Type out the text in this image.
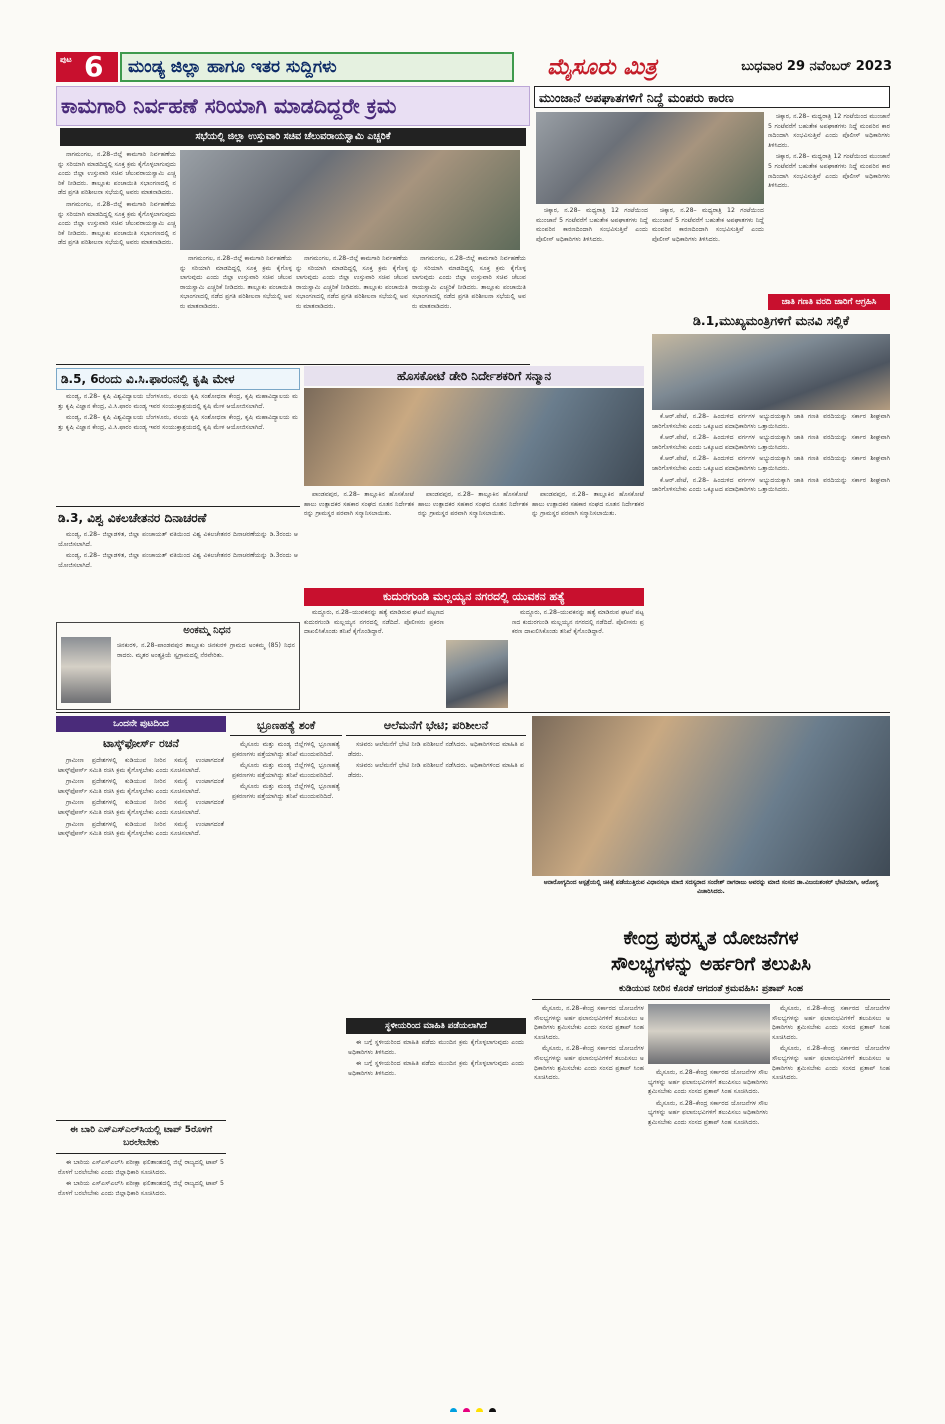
ಪುಟ 6 ಮಂಡ್ಯ ಜಿಲ್ಲಾ ಹಾಗೂ ಇತರ ಸುದ್ದಿಗಳು	ಮೈಸೂರು ಮಿತ್ರ	ಬುಧವಾರ 29 ನವೆಂಬರ್ 2023
ಕಾಮಗಾರಿ ನಿರ್ವಹಣೆ ಸರಿಯಾಗಿ ಮಾಡದಿದ್ದರೇ ಕ್ರಮ
ಸಭೆಯಲ್ಲಿ ಜಿಲ್ಲಾ ಉಸ್ತುವಾರಿ ಸಚಿವ ಚೆಲುವರಾಯಸ್ವಾಮಿ ಎಚ್ಚರಿಕೆ

ನಾಗಮಂಗಲ, ನ.28–ಜಿಲ್ಲೆ ಕಾಮಗಾರಿ ನಿರ್ವಹಣೆಯನ್ನು ಸರಿಯಾಗಿ ಮಾಡದಿದ್ದಲ್ಲಿ ಸೂಕ್ತ ಕ್ರಮ ಕೈಗೊಳ್ಳಲಾಗುವುದು ಎಂದು ಜಿಲ್ಲಾ ಉಸ್ತುವಾರಿ ಸಚಿವ ಚೆಲುವರಾಯಸ್ವಾಮಿ ಎಚ್ಚರಿಕೆ ನೀಡಿದರು. ತಾಲ್ಲೂಕು ಪಂಚಾಯಿತಿ ಸಭಾಂಗಣದಲ್ಲಿ ನಡೆದ ಪ್ರಗತಿ ಪರಿಶೀಲನಾ ಸಭೆಯಲ್ಲಿ ಅವರು ಮಾತನಾಡಿದರು.

ನಾಗಮಂಗಲ, ನ.28–ಜಿಲ್ಲೆ ಕಾಮಗಾರಿ ನಿರ್ವಹಣೆಯನ್ನು ಸರಿಯಾಗಿ ಮಾಡದಿದ್ದಲ್ಲಿ ಸೂಕ್ತ ಕ್ರಮ ಕೈಗೊಳ್ಳಲಾಗುವುದು ಎಂದು ಜಿಲ್ಲಾ ಉಸ್ತುವಾರಿ ಸಚಿವ ಚೆಲುವರಾಯಸ್ವಾಮಿ ಎಚ್ಚರಿಕೆ ನೀಡಿದರು. ತಾಲ್ಲೂಕು ಪಂಚಾಯಿತಿ ಸಭಾಂಗಣದಲ್ಲಿ ನಡೆದ ಪ್ರಗತಿ ಪರಿಶೀಲನಾ ಸಭೆಯಲ್ಲಿ ಅವರು ಮಾತನಾಡಿದರು.

ನಾಗಮಂಗಲ, ನ.28–ಜಿಲ್ಲೆ ಕಾಮಗಾರಿ ನಿರ್ವಹಣೆಯನ್ನು ಸರಿಯಾಗಿ ಮಾಡದಿದ್ದಲ್ಲಿ ಸೂಕ್ತ ಕ್ರಮ ಕೈಗೊಳ್ಳಲಾಗುವುದು ಎಂದು ಜಿಲ್ಲಾ ಉಸ್ತುವಾರಿ ಸಚಿವ ಚೆಲುವರಾಯಸ್ವಾಮಿ ಎಚ್ಚರಿಕೆ ನೀಡಿದರು. ತಾಲ್ಲೂಕು ಪಂಚಾಯಿತಿ ಸಭಾಂಗಣದಲ್ಲಿ ನಡೆದ ಪ್ರಗತಿ ಪರಿಶೀಲನಾ ಸಭೆಯಲ್ಲಿ ಅವರು ಮಾತನಾಡಿದರು.

ನಾಗಮಂಗಲ, ನ.28–ಜಿಲ್ಲೆ ಕಾಮಗಾರಿ ನಿರ್ವಹಣೆಯನ್ನು ಸರಿಯಾಗಿ ಮಾಡದಿದ್ದಲ್ಲಿ ಸೂಕ್ತ ಕ್ರಮ ಕೈಗೊಳ್ಳಲಾಗುವುದು ಎಂದು ಜಿಲ್ಲಾ ಉಸ್ತುವಾರಿ ಸಚಿವ ಚೆಲುವರಾಯಸ್ವಾಮಿ ಎಚ್ಚರಿಕೆ ನೀಡಿದರು. ತಾಲ್ಲೂಕು ಪಂಚಾಯಿತಿ ಸಭಾಂಗಣದಲ್ಲಿ ನಡೆದ ಪ್ರಗತಿ ಪರಿಶೀಲನಾ ಸಭೆಯಲ್ಲಿ ಅವರು ಮಾತನಾಡಿದರು.

ನಾಗಮಂಗಲ, ನ.28–ಜಿಲ್ಲೆ ಕಾಮಗಾರಿ ನಿರ್ವಹಣೆಯನ್ನು ಸರಿಯಾಗಿ ಮಾಡದಿದ್ದಲ್ಲಿ ಸೂಕ್ತ ಕ್ರಮ ಕೈಗೊಳ್ಳಲಾಗುವುದು ಎಂದು ಜಿಲ್ಲಾ ಉಸ್ತುವಾರಿ ಸಚಿವ ಚೆಲುವರಾಯಸ್ವಾಮಿ ಎಚ್ಚರಿಕೆ ನೀಡಿದರು. ತಾಲ್ಲೂಕು ಪಂಚಾಯಿತಿ ಸಭಾಂಗಣದಲ್ಲಿ ನಡೆದ ಪ್ರಗತಿ ಪರಿಶೀಲನಾ ಸಭೆಯಲ್ಲಿ ಅವರು ಮಾತನಾಡಿದರು.

ಡಿ.5, 6ರಂದು ವಿ.ಸಿ.ಫಾರಂನಲ್ಲಿ ಕೃಷಿ ಮೇಳ

ಮಂಡ್ಯ, ನ.28– ಕೃಷಿ ವಿಶ್ವವಿದ್ಯಾಲಯ ಬೆಂಗಳೂರು, ವಲಯ ಕೃಷಿ ಸಂಶೋಧನಾ ಕೇಂದ್ರ, ಕೃಷಿ ಮಹಾವಿದ್ಯಾಲಯ ಮತ್ತು ಕೃಷಿ ವಿಜ್ಞಾನ ಕೇಂದ್ರ, ವಿ.ಸಿ.ಫಾರಂ ಮಂಡ್ಯ ಇವರ ಸಂಯುಕ್ತಾಶ್ರಯದಲ್ಲಿ ಕೃಷಿ ಮೇಳ ಆಯೋಜಿಸಲಾಗಿದೆ.

ಮಂಡ್ಯ, ನ.28– ಕೃಷಿ ವಿಶ್ವವಿದ್ಯಾಲಯ ಬೆಂಗಳೂರು, ವಲಯ ಕೃಷಿ ಸಂಶೋಧನಾ ಕೇಂದ್ರ, ಕೃಷಿ ಮಹಾವಿದ್ಯಾಲಯ ಮತ್ತು ಕೃಷಿ ವಿಜ್ಞಾನ ಕೇಂದ್ರ, ವಿ.ಸಿ.ಫಾರಂ ಮಂಡ್ಯ ಇವರ ಸಂಯುಕ್ತಾಶ್ರಯದಲ್ಲಿ ಕೃಷಿ ಮೇಳ ಆಯೋಜಿಸಲಾಗಿದೆ.

ಡಿ.3, ವಿಶ್ವ ವಿಕಲಚೇತನರ ದಿನಾಚರಣೆ

ಮಂಡ್ಯ, ನ.28– ಜಿಲ್ಲಾಡಳಿತ, ಜಿಲ್ಲಾ ಪಂಚಾಯತ್ ವತಿಯಿಂದ ವಿಶ್ವ ವಿಕಲಚೇತನರ ದಿನಾಚರಣೆಯನ್ನು ಡಿ.3ರಂದು ಆಯೋಜಿಸಲಾಗಿದೆ.

ಮಂಡ್ಯ, ನ.28– ಜಿಲ್ಲಾಡಳಿತ, ಜಿಲ್ಲಾ ಪಂಚಾಯತ್ ವತಿಯಿಂದ ವಿಶ್ವ ವಿಕಲಚೇತನರ ದಿನಾಚರಣೆಯನ್ನು ಡಿ.3ರಂದು ಆಯೋಜಿಸಲಾಗಿದೆ.

ಅಂಕಮ್ಮ ನಿಧನ
ಚಿನಕುರಳಿ, ನ.28–ಪಾಂಡವಪುರ ತಾಲ್ಲೂಕು ಚಿನಕುರಳಿ ಗ್ರಾಮದ ಅಂಕಮ್ಮ (85) ನಿಧನರಾದರು. ಮೃತರ ಅಂತ್ಯಕ್ರಿಯೆ ಸ್ವಗ್ರಾಮದಲ್ಲಿ ನೆರವೇರಿತು.
ಹೊಸಕೋಟೆ ಡೇರಿ ನಿರ್ದೇಶಕರಿಗೆ ಸನ್ಮಾನ

ಪಾಂಡವಪುರ, ನ.28– ತಾಲ್ಲೂಕಿನ ಹೊಸಕೋಟೆ ಹಾಲು ಉತ್ಪಾದಕರ ಸಹಕಾರ ಸಂಘದ ನೂತನ ನಿರ್ದೇಶಕರನ್ನು ಗ್ರಾಮಸ್ಥರ ಪರವಾಗಿ ಸನ್ಮಾನಿಸಲಾಯಿತು.

ಪಾಂಡವಪುರ, ನ.28– ತಾಲ್ಲೂಕಿನ ಹೊಸಕೋಟೆ ಹಾಲು ಉತ್ಪಾದಕರ ಸಹಕಾರ ಸಂಘದ ನೂತನ ನಿರ್ದೇಶಕರನ್ನು ಗ್ರಾಮಸ್ಥರ ಪರವಾಗಿ ಸನ್ಮಾನಿಸಲಾಯಿತು.

ಪಾಂಡವಪುರ, ನ.28– ತಾಲ್ಲೂಕಿನ ಹೊಸಕೋಟೆ ಹಾಲು ಉತ್ಪಾದಕರ ಸಹಕಾರ ಸಂಘದ ನೂತನ ನಿರ್ದೇಶಕರನ್ನು ಗ್ರಾಮಸ್ಥರ ಪರವಾಗಿ ಸನ್ಮಾನಿಸಲಾಯಿತು.

ಕುದುರಗುಂಡಿ ಮಲ್ಲಯ್ಯನ ನಗರದಲ್ಲಿ ಯುವಕನ ಹತ್ಯೆ

ಮದ್ದೂರು, ನ.28–ಯುವಕನನ್ನು ಹತ್ಯೆ ಮಾಡಿರುವ ಘಟನೆ ಪಟ್ಟಣದ ಕುದುರಗುಂಡಿ ಮಲ್ಲಯ್ಯನ ನಗರದಲ್ಲಿ ನಡೆದಿದೆ. ಪೊಲೀಸರು ಪ್ರಕರಣ ದಾಖಲಿಸಿಕೊಂಡು ತನಿಖೆ ಕೈಗೊಂಡಿದ್ದಾರೆ.

ಮದ್ದೂರು, ನ.28–ಯುವಕನನ್ನು ಹತ್ಯೆ ಮಾಡಿರುವ ಘಟನೆ ಪಟ್ಟಣದ ಕುದುರಗುಂಡಿ ಮಲ್ಲಯ್ಯನ ನಗರದಲ್ಲಿ ನಡೆದಿದೆ. ಪೊಲೀಸರು ಪ್ರಕರಣ ದಾಖಲಿಸಿಕೊಂಡು ತನಿಖೆ ಕೈಗೊಂಡಿದ್ದಾರೆ.

ಮುಂಜಾನೆ ಅಪಘಾತಗಳಿಗೆ ನಿದ್ದೆ ಮಂಪರು ಕಾರಣ

ಚಿಕ್ಕಾರ, ನ.28– ಮಧ್ಯರಾತ್ರಿ 12 ಗಂಟೆಯಿಂದ ಮುಂಜಾನೆ 5 ಗಂಟೆವರೆಗೆ ಬಹುತೇಕ ಅಪಘಾತಗಳು ನಿದ್ದೆ ಮಂಪರಿನ ಕಾರಣದಿಂದಾಗಿ ಸಂಭವಿಸುತ್ತಿವೆ ಎಂದು ಪೊಲೀಸ್ ಅಧಿಕಾರಿಗಳು ತಿಳಿಸಿದರು.

ಚಿಕ್ಕಾರ, ನ.28– ಮಧ್ಯರಾತ್ರಿ 12 ಗಂಟೆಯಿಂದ ಮುಂಜಾನೆ 5 ಗಂಟೆವರೆಗೆ ಬಹುತೇಕ ಅಪಘಾತಗಳು ನಿದ್ದೆ ಮಂಪರಿನ ಕಾರಣದಿಂದಾಗಿ ಸಂಭವಿಸುತ್ತಿವೆ ಎಂದು ಪೊಲೀಸ್ ಅಧಿಕಾರಿಗಳು ತಿಳಿಸಿದರು.

ಚಿಕ್ಕಾರ, ನ.28– ಮಧ್ಯರಾತ್ರಿ 12 ಗಂಟೆಯಿಂದ ಮುಂಜಾನೆ 5 ಗಂಟೆವರೆಗೆ ಬಹುತೇಕ ಅಪಘಾತಗಳು ನಿದ್ದೆ ಮಂಪರಿನ ಕಾರಣದಿಂದಾಗಿ ಸಂಭವಿಸುತ್ತಿವೆ ಎಂದು ಪೊಲೀಸ್ ಅಧಿಕಾರಿಗಳು ತಿಳಿಸಿದರು.

ಚಿಕ್ಕಾರ, ನ.28– ಮಧ್ಯರಾತ್ರಿ 12 ಗಂಟೆಯಿಂದ ಮುಂಜಾನೆ 5 ಗಂಟೆವರೆಗೆ ಬಹುತೇಕ ಅಪಘಾತಗಳು ನಿದ್ದೆ ಮಂಪರಿನ ಕಾರಣದಿಂದಾಗಿ ಸಂಭವಿಸುತ್ತಿವೆ ಎಂದು ಪೊಲೀಸ್ ಅಧಿಕಾರಿಗಳು ತಿಳಿಸಿದರು.

ಜಾತಿ ಗಣತಿ ವರದಿ ಜಾರಿಗೆ ಆಗ್ರಹಿಸಿ
ಡಿ.1,ಮುಖ್ಯಮಂತ್ರಿಗಳಿಗೆ ಮನವಿ ಸಲ್ಲಿಕೆ

ಕೆ.ಆರ್.ಪೇಟೆ, ನ.28– ಹಿಂದುಳಿದ ವರ್ಗಗಳ ಅಭ್ಯುದಯಕ್ಕಾಗಿ ಜಾತಿ ಗಣತಿ ವರದಿಯನ್ನು ಸರ್ಕಾರ ಶೀಘ್ರವಾಗಿ ಜಾರಿಗೊಳಿಸಬೇಕು ಎಂದು ಒಕ್ಕೂಟದ ಪದಾಧಿಕಾರಿಗಳು ಒತ್ತಾಯಿಸಿದರು.

ಕೆ.ಆರ್.ಪೇಟೆ, ನ.28– ಹಿಂದುಳಿದ ವರ್ಗಗಳ ಅಭ್ಯುದಯಕ್ಕಾಗಿ ಜಾತಿ ಗಣತಿ ವರದಿಯನ್ನು ಸರ್ಕಾರ ಶೀಘ್ರವಾಗಿ ಜಾರಿಗೊಳಿಸಬೇಕು ಎಂದು ಒಕ್ಕೂಟದ ಪದಾಧಿಕಾರಿಗಳು ಒತ್ತಾಯಿಸಿದರು.

ಕೆ.ಆರ್.ಪೇಟೆ, ನ.28– ಹಿಂದುಳಿದ ವರ್ಗಗಳ ಅಭ್ಯುದಯಕ್ಕಾಗಿ ಜಾತಿ ಗಣತಿ ವರದಿಯನ್ನು ಸರ್ಕಾರ ಶೀಘ್ರವಾಗಿ ಜಾರಿಗೊಳಿಸಬೇಕು ಎಂದು ಒಕ್ಕೂಟದ ಪದಾಧಿಕಾರಿಗಳು ಒತ್ತಾಯಿಸಿದರು.

ಕೆ.ಆರ್.ಪೇಟೆ, ನ.28– ಹಿಂದುಳಿದ ವರ್ಗಗಳ ಅಭ್ಯುದಯಕ್ಕಾಗಿ ಜಾತಿ ಗಣತಿ ವರದಿಯನ್ನು ಸರ್ಕಾರ ಶೀಘ್ರವಾಗಿ ಜಾರಿಗೊಳಿಸಬೇಕು ಎಂದು ಒಕ್ಕೂಟದ ಪದಾಧಿಕಾರಿಗಳು ಒತ್ತಾಯಿಸಿದರು.

ಒಂದನೇ ಪುಟದಿಂದ
ಟಾಸ್ಕ್‌ಫೋರ್ಸ್ ರಚನೆ

ಗ್ರಾಮೀಣ ಪ್ರದೇಶಗಳಲ್ಲಿ ಕುಡಿಯುವ ನೀರಿನ ಸಮಸ್ಯೆ ಉಂಟಾಗದಂತೆ ಟಾಸ್ಕ್‌ಫೋರ್ಸ್ ಸಮಿತಿ ರಚಿಸಿ ಕ್ರಮ ಕೈಗೊಳ್ಳಬೇಕು ಎಂದು ಸೂಚಿಸಲಾಗಿದೆ.

ಗ್ರಾಮೀಣ ಪ್ರದೇಶಗಳಲ್ಲಿ ಕುಡಿಯುವ ನೀರಿನ ಸಮಸ್ಯೆ ಉಂಟಾಗದಂತೆ ಟಾಸ್ಕ್‌ಫೋರ್ಸ್ ಸಮಿತಿ ರಚಿಸಿ ಕ್ರಮ ಕೈಗೊಳ್ಳಬೇಕು ಎಂದು ಸೂಚಿಸಲಾಗಿದೆ.

ಗ್ರಾಮೀಣ ಪ್ರದೇಶಗಳಲ್ಲಿ ಕುಡಿಯುವ ನೀರಿನ ಸಮಸ್ಯೆ ಉಂಟಾಗದಂತೆ ಟಾಸ್ಕ್‌ಫೋರ್ಸ್ ಸಮಿತಿ ರಚಿಸಿ ಕ್ರಮ ಕೈಗೊಳ್ಳಬೇಕು ಎಂದು ಸೂಚಿಸಲಾಗಿದೆ.

ಗ್ರಾಮೀಣ ಪ್ರದೇಶಗಳಲ್ಲಿ ಕುಡಿಯುವ ನೀರಿನ ಸಮಸ್ಯೆ ಉಂಟಾಗದಂತೆ ಟಾಸ್ಕ್‌ಫೋರ್ಸ್ ಸಮಿತಿ ರಚಿಸಿ ಕ್ರಮ ಕೈಗೊಳ್ಳಬೇಕು ಎಂದು ಸೂಚಿಸಲಾಗಿದೆ.

ಈ ಬಾರಿ ಎಸ್‌ಎಸ್‌ಎಲ್‌ಸಿಯಲ್ಲಿ ಟಾಪ್ 5ರೊಳಗೆ ಬರಲೇಬೇಕು

ಈ ಬಾರಿಯ ಎಸ್‌ಎಸ್‌ಎಲ್‌ಸಿ ಪರೀಕ್ಷಾ ಫಲಿತಾಂಶದಲ್ಲಿ ಜಿಲ್ಲೆ ರಾಜ್ಯದಲ್ಲಿ ಟಾಪ್ 5ರೊಳಗೆ ಬರಲೇಬೇಕು ಎಂದು ಜಿಲ್ಲಾಧಿಕಾರಿ ಸೂಚಿಸಿದರು.

ಈ ಬಾರಿಯ ಎಸ್‌ಎಸ್‌ಎಲ್‌ಸಿ ಪರೀಕ್ಷಾ ಫಲಿತಾಂಶದಲ್ಲಿ ಜಿಲ್ಲೆ ರಾಜ್ಯದಲ್ಲಿ ಟಾಪ್ 5ರೊಳಗೆ ಬರಲೇಬೇಕು ಎಂದು ಜಿಲ್ಲಾಧಿಕಾರಿ ಸೂಚಿಸಿದರು.

ಭ್ರೂಣಹತ್ಯೆ ಶಂಕೆ

ಮೈಸೂರು ಮತ್ತು ಮಂಡ್ಯ ಜಿಲ್ಲೆಗಳಲ್ಲಿ ಭ್ರೂಣಹತ್ಯೆ ಪ್ರಕರಣಗಳು ಪತ್ತೆಯಾಗಿದ್ದು ತನಿಖೆ ಮುಂದುವರಿದಿದೆ.

ಮೈಸೂರು ಮತ್ತು ಮಂಡ್ಯ ಜಿಲ್ಲೆಗಳಲ್ಲಿ ಭ್ರೂಣಹತ್ಯೆ ಪ್ರಕರಣಗಳು ಪತ್ತೆಯಾಗಿದ್ದು ತನಿಖೆ ಮುಂದುವರಿದಿದೆ.

ಮೈಸೂರು ಮತ್ತು ಮಂಡ್ಯ ಜಿಲ್ಲೆಗಳಲ್ಲಿ ಭ್ರೂಣಹತ್ಯೆ ಪ್ರಕರಣಗಳು ಪತ್ತೆಯಾಗಿದ್ದು ತನಿಖೆ ಮುಂದುವರಿದಿದೆ.

ಆಲೆಮನೆಗೆ ಭೇಟಿ; ಪರಿಶೀಲನೆ

ಸಚಿವರು ಆಲೆಮನೆಗೆ ಭೇಟಿ ನೀಡಿ ಪರಿಶೀಲನೆ ನಡೆಸಿದರು. ಅಧಿಕಾರಿಗಳಿಂದ ಮಾಹಿತಿ ಪಡೆದರು.

ಸಚಿವರು ಆಲೆಮನೆಗೆ ಭೇಟಿ ನೀಡಿ ಪರಿಶೀಲನೆ ನಡೆಸಿದರು. ಅಧಿಕಾರಿಗಳಿಂದ ಮಾಹಿತಿ ಪಡೆದರು.

ಸ್ಥಳೀಯರಿಂದ ಮಾಹಿತಿ ಪಡೆಯಲಾಗಿದೆ

ಈ ಬಗ್ಗೆ ಸ್ಥಳೀಯರಿಂದ ಮಾಹಿತಿ ಪಡೆದು ಮುಂದಿನ ಕ್ರಮ ಕೈಗೊಳ್ಳಲಾಗುವುದು ಎಂದು ಅಧಿಕಾರಿಗಳು ತಿಳಿಸಿದರು.

ಈ ಬಗ್ಗೆ ಸ್ಥಳೀಯರಿಂದ ಮಾಹಿತಿ ಪಡೆದು ಮುಂದಿನ ಕ್ರಮ ಕೈಗೊಳ್ಳಲಾಗುವುದು ಎಂದು ಅಧಿಕಾರಿಗಳು ತಿಳಿಸಿದರು.

ಆನಾರೋಗ್ಯದಿಂದ ಆಸ್ಪತ್ರೆಯಲ್ಲಿ ಚಿಕಿತ್ಸೆ ಪಡೆಯುತ್ತಿರುವ ವಿಧಾನಸಭಾ ಮಾಜಿ ಸದಸ್ಯರಾದ ಸಂದೇಶ್ ನಾಗರಾಜು ಅವರನ್ನು ಮಾಜಿ ಸಂಸದ ಡಾ.ವಿಜಯಶಂಕರ್ ಭೇಟಿಯಾಗಿ, ಆರೋಗ್ಯ ವಿಚಾರಿಸಿದರು.
ಕೇಂದ್ರ ಪುರಸ್ಕೃತ ಯೋಜನೆಗಳ
ಸೌಲಭ್ಯಗಳನ್ನು ಅರ್ಹರಿಗೆ ತಲುಪಿಸಿ
ಕುಡಿಯುವ ನೀರಿನ ಕೊರತೆ ಆಗದಂತೆ ಕ್ರಮವಹಿಸಿ: ಪ್ರತಾಪ್ ಸಿಂಹ

ಮೈಸೂರು, ನ.28–ಕೇಂದ್ರ ಸರ್ಕಾರದ ಯೋಜನೆಗಳ ಸೌಲಭ್ಯಗಳನ್ನು ಅರ್ಹ ಫಲಾನುಭವಿಗಳಿಗೆ ತಲುಪಿಸಲು ಅಧಿಕಾರಿಗಳು ಶ್ರಮಿಸಬೇಕು ಎಂದು ಸಂಸದ ಪ್ರತಾಪ್ ಸಿಂಹ ಸೂಚಿಸಿದರು.

ಮೈಸೂರು, ನ.28–ಕೇಂದ್ರ ಸರ್ಕಾರದ ಯೋಜನೆಗಳ ಸೌಲಭ್ಯಗಳನ್ನು ಅರ್ಹ ಫಲಾನುಭವಿಗಳಿಗೆ ತಲುಪಿಸಲು ಅಧಿಕಾರಿಗಳು ಶ್ರಮಿಸಬೇಕು ಎಂದು ಸಂಸದ ಪ್ರತಾಪ್ ಸಿಂಹ ಸೂಚಿಸಿದರು.

ಮೈಸೂರು, ನ.28–ಕೇಂದ್ರ ಸರ್ಕಾರದ ಯೋಜನೆಗಳ ಸೌಲಭ್ಯಗಳನ್ನು ಅರ್ಹ ಫಲಾನುಭವಿಗಳಿಗೆ ತಲುಪಿಸಲು ಅಧಿಕಾರಿಗಳು ಶ್ರಮಿಸಬೇಕು ಎಂದು ಸಂಸದ ಪ್ರತಾಪ್ ಸಿಂಹ ಸೂಚಿಸಿದರು.

ಮೈಸೂರು, ನ.28–ಕೇಂದ್ರ ಸರ್ಕಾರದ ಯೋಜನೆಗಳ ಸೌಲಭ್ಯಗಳನ್ನು ಅರ್ಹ ಫಲಾನುಭವಿಗಳಿಗೆ ತಲುಪಿಸಲು ಅಧಿಕಾರಿಗಳು ಶ್ರಮಿಸಬೇಕು ಎಂದು ಸಂಸದ ಪ್ರತಾಪ್ ಸಿಂಹ ಸೂಚಿಸಿದರು.

ಮೈಸೂರು, ನ.28–ಕೇಂದ್ರ ಸರ್ಕಾರದ ಯೋಜನೆಗಳ ಸೌಲಭ್ಯಗಳನ್ನು ಅರ್ಹ ಫಲಾನುಭವಿಗಳಿಗೆ ತಲುಪಿಸಲು ಅಧಿಕಾರಿಗಳು ಶ್ರಮಿಸಬೇಕು ಎಂದು ಸಂಸದ ಪ್ರತಾಪ್ ಸಿಂಹ ಸೂಚಿಸಿದರು.

ಮೈಸೂರು, ನ.28–ಕೇಂದ್ರ ಸರ್ಕಾರದ ಯೋಜನೆಗಳ ಸೌಲಭ್ಯಗಳನ್ನು ಅರ್ಹ ಫಲಾನುಭವಿಗಳಿಗೆ ತಲುಪಿಸಲು ಅಧಿಕಾರಿಗಳು ಶ್ರಮಿಸಬೇಕು ಎಂದು ಸಂಸದ ಪ್ರತಾಪ್ ಸಿಂಹ ಸೂಚಿಸಿದರು.
